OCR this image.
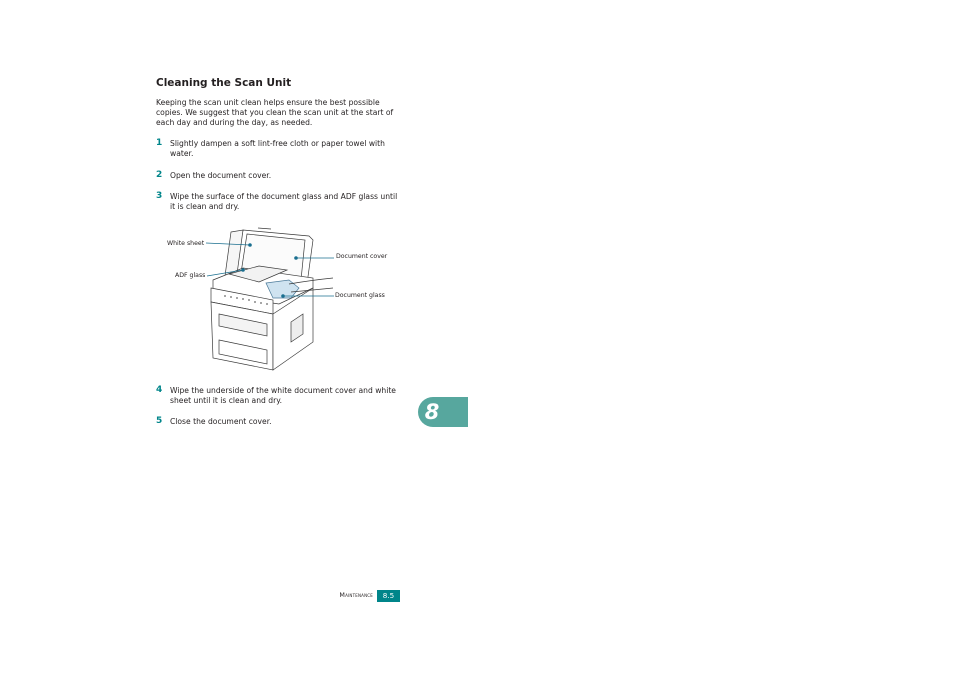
Cleaning the Scan Unit

Keeping the scan unit clean helps ensure the best possible copies. We suggest that you clean the scan unit at the start of each day and during the day, as needed.

1 Slightly dampen a soft lint-free cloth or paper towel with water.
2 Open the document cover.
3 Wipe the surface of the document glass and ADF glass until it is clean and dry.
White sheet
ADF glass
Document cover
Document glass
4 Wipe the underside of the white document cover and white sheet until it is clean and dry.
5 Close the document cover.	8
Maintenance	8.5
